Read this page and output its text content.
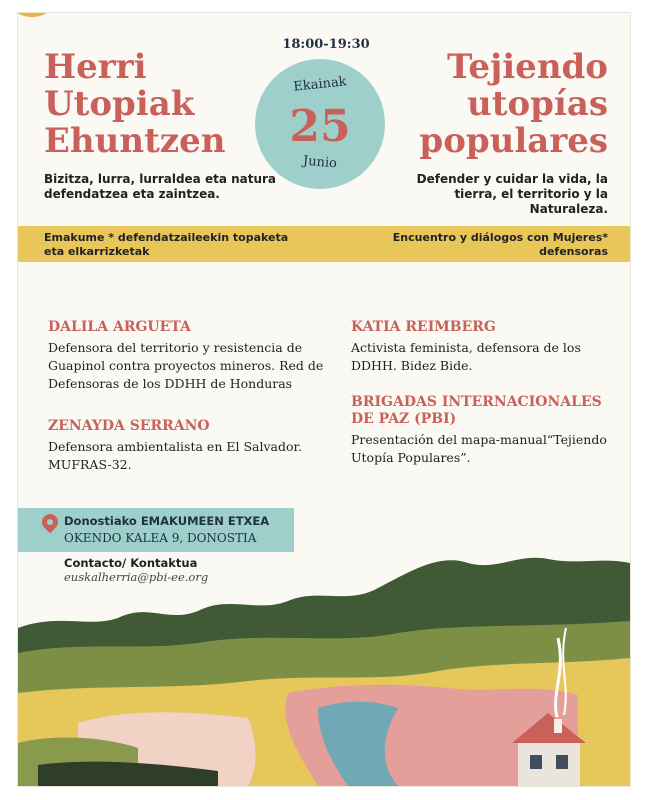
Herri
Utopiak
Ehuntzen
Tejiendo
utopías
populares
18:00-19:30
Ekainak
25
Junio
Bizitza, lurra, lurraldea eta natura defendatzea eta zaintzea.
Defender y cuidar la vida, la tierra, el territorio y la Naturaleza.
Emakume * defendatzaileekin topaketa eta elkarrizketak
Encuentro y diálogos con Mujeres* defensoras
DALILA ARGUETA

Defensora del territorio y resistencia de Guapinol contra proyectos mineros. Red de Defensoras de los DDHH de Honduras

ZENAYDA SERRANO

Defensora ambientalista en El Salvador. MUFRAS-32.

KATIA REIMBERG

Activista feminista, defensora de los DDHH. Bidez Bide.

BRIGADAS INTERNACIONALES DE PAZ (PBI)

Presentación del mapa-manual“Tejiendo Utopía Populares”.

Donostiako EMAKUMEEN ETXEA
OKENDO KALEA 9, DONOSTIA
Contacto/ Kontaktua
euskalherria@pbi-ee.org
